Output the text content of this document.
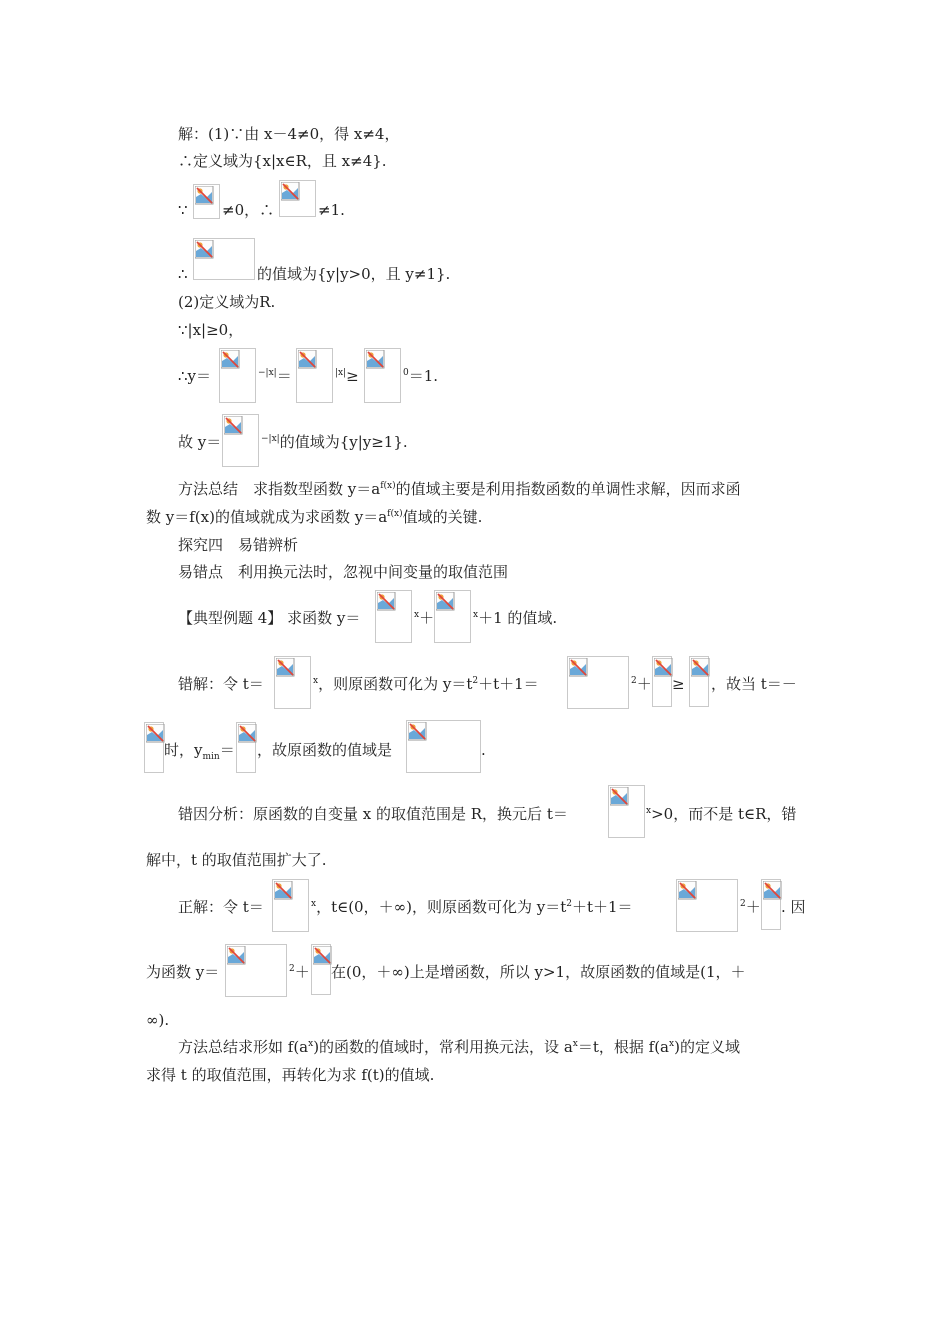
解：(1)∵由 x－4≠0，得 x≠4，
∴定义域为{x|x∈R，且 x≠4}.
∵ ≠0，∴	≠1.
∴	的值域为{y|y>0，且 y≠1}.
(2)定义域为R.
∵|x|≥0，
∴y＝	$^{-|x|}$＝	$^{|x|}$≥	$^0$＝1.
故 y＝	$^{-|x|}$的值域为{y|y≥1}.
方法总结　求指数型函数 $y=a^{f(x)}$的值域主要是利用指数函数的单调性求解，因而求函
数 y＝f(x)的值域就成为求函数 $y=a^{f(x)}$值域的关键.
探究四　易错辨析
易错点　利用换元法时，忽视中间变量的取值范围
【典型例题 4】 求函数 y＝	$^x$＋	$^x$＋1 的值域.
错解：令 t＝	$^x$，则原函数可化为 $y=t^2+t+1=$	$^2$＋ ≥ ，故当 t＝－
时，$y_{min}=$ ，故原函数的值域是	.
错因分析：原函数的自变量 x 的取值范围是 R，换元后 t＝	$^x$>0，而不是 t∈R，错
解中，t 的取值范围扩大了.
正解：令 t＝	$^x$，t∈(0，＋∞)，则原函数可化为 $y=t^2+t+1=$	$^2$＋ . 因
为函数 y＝	$^2$＋ 在(0，＋∞)上是增函数，所以 y>1，故原函数的值域是(1，＋
∞).
方法总结求形如 $f(a^x)$的函数的值域时，常利用换元法，设 $a^x=t$，根据 $f(a^x)$的定义域
求得 t 的取值范围，再转化为求 f(t)的值域.
